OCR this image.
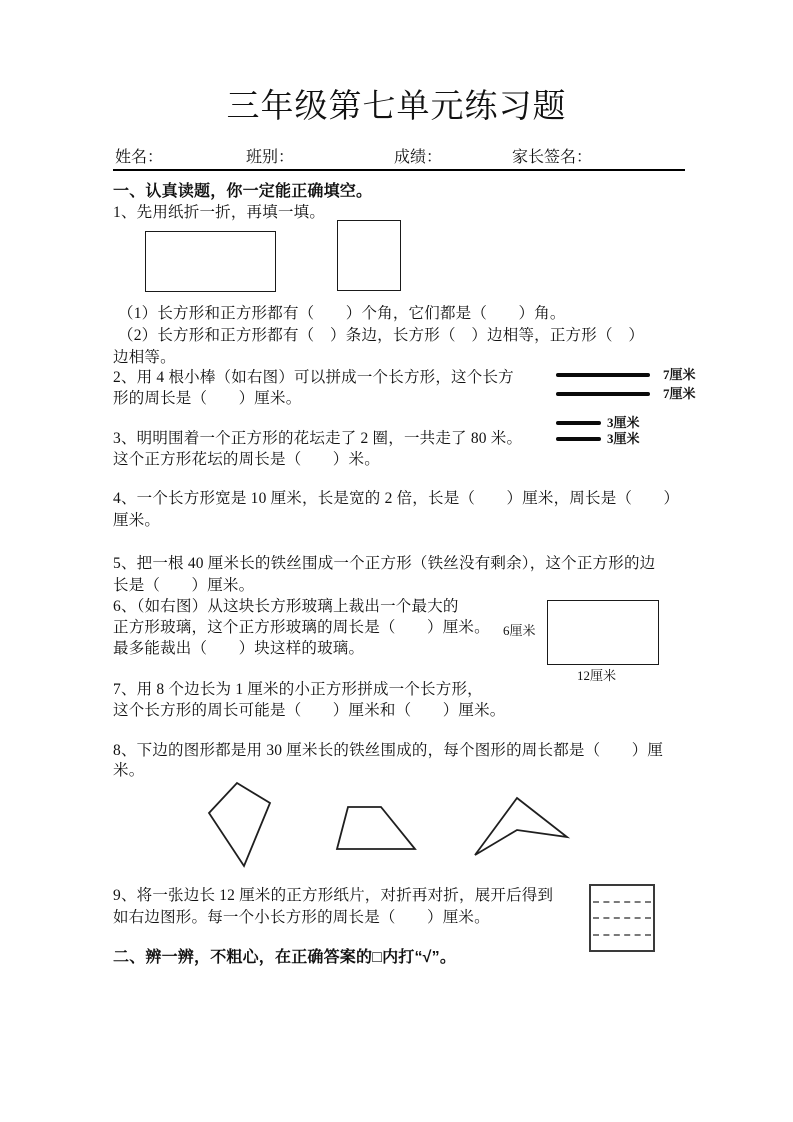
三年级第七单元练习题
姓名：	班别：	成绩：	家长签名：
一、认真读题，你一定能正确填空。
1、先用纸折一折，再填一填。
（1）长方形和正方形都有（　　）个角，它们都是（　　）角。
（2）长方形和正方形都有（　）条边，长方形（　）边相等，正方形（　）
边相等。
2、用 4 根小棒（如右图）可以拼成一个长方形，这个长方
形的周长是（　　）厘米。
7厘米
7厘米
3、明明围着一个正方形的花坛走了 2 圈，一共走了 80 米。
这个正方形花坛的周长是（　　）米。
3厘米
3厘米
4、一个长方形宽是 10 厘米，长是宽的 2 倍，长是（　　）厘米，周长是（　　）
厘米。
5、把一根 40 厘米长的铁丝围成一个正方形（铁丝没有剩余），这个正方形的边
长是（　　）厘米。
6、（如右图）从这块长方形玻璃上裁出一个最大的
正方形玻璃，这个正方形玻璃的周长是（　　）厘米。
最多能裁出（　　）块这样的玻璃。
6厘米
12厘米
7、用 8 个边长为 1 厘米的小正方形拼成一个长方形，
这个长方形的周长可能是（　　）厘米和（　　）厘米。
8、下边的图形都是用 30 厘米长的铁丝围成的，每个图形的周长都是（　　）厘
米。
9、将一张边长 12 厘米的正方形纸片，对折再对折，展开后得到
如右边图形。每一个小长方形的周长是（　　）厘米。
二、辨一辨，不粗心，在正确答案的□内打“√”。
